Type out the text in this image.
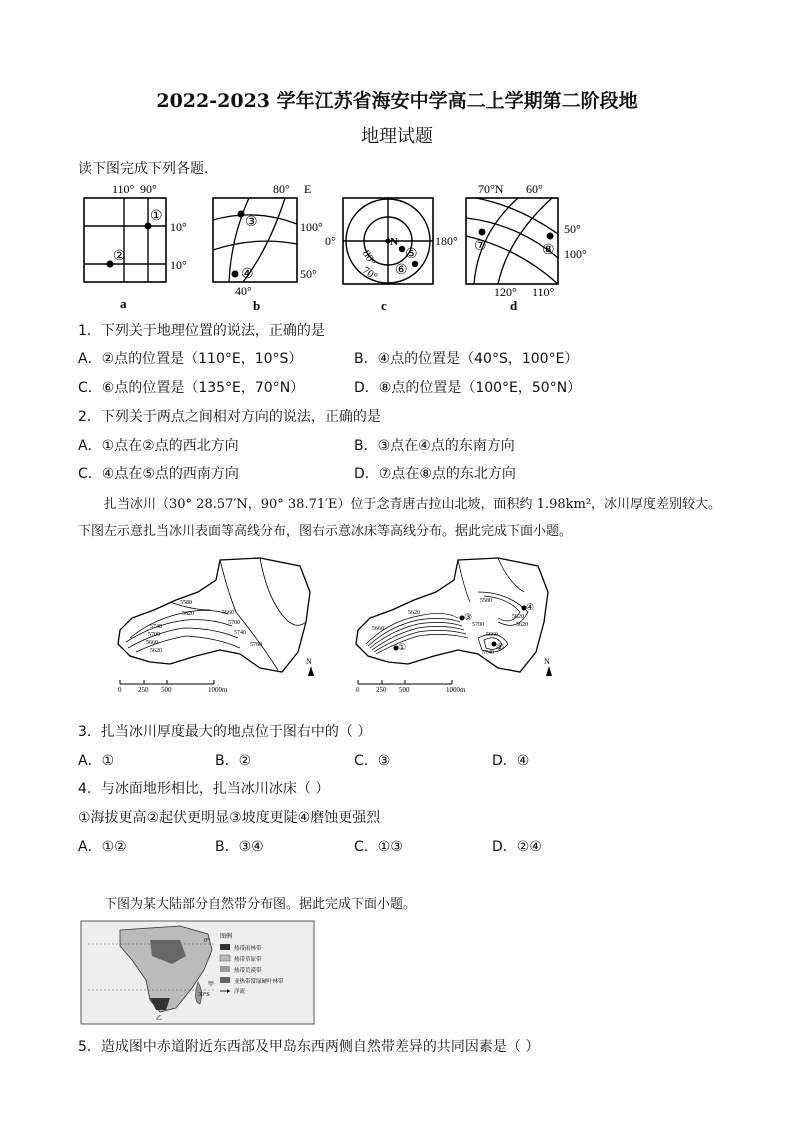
2022-2023 学年江苏省海安中学高二上学期第二阶段地
地理试题
读下图完成下列各题.
110° 90°
10°
10°
①
②
a
80° E
100°
50°
40°
③
④
b
0°	180°
N
80°
70°
⑤
⑥
c
70°N 60°
50°
100°
120° 110°
⑦	⑧
d
1．下列关于地理位置的说法，正确的是
A．②点的位置是（110°E，10°S）	B．④点的位置是（40°S，100°E）
C．⑥点的位置是（135°E，70°N）	D．⑧点的位置是（100°E，50°N）
2．下列关于两点之间相对方向的说法，正确的是
A．①点在②点的西北方向	B．③点在④点的东南方向
C．④点在⑤点的西南方向	D．⑦点在⑧点的东北方向
扎当冰川（30° 28.57′N，90° 38.71′E）位于念青唐古拉山北坡，面积约 1.98km²，冰川厚度差别较大。
下图左示意扎当冰川表面等高线分布，图右示意冰床等高线分布。据此完成下面小题。
5580
5620	5660
5700
5740
5780
5740
5700
5660
5620
N
0 250 500	1000m
①	②
③
④
5580
5620
5660
5700
5740
5660
5620
5620
N
0 250 500	1000m
3．扎当冰川厚度最大的地点位于图右中的（ ）
A．①	B．②	C．③	D．④
4．与冰面地形相比，扎当冰川冰床（ ）
①海拔更高②起伏更明显③坡度更陡④磨蚀更强烈
A．①②	B．③④	C．①③	D．②④
下图为某大陆部分自然带分布图。据此完成下面小题。
0°
30°S
甲
乙
图例
热带雨林带
热带草原带
热带荒漠带
亚热带常绿硬叶林带
洋流
5．造成图中赤道附近东西部及甲岛东西两侧自然带差异的共同因素是（ ）
